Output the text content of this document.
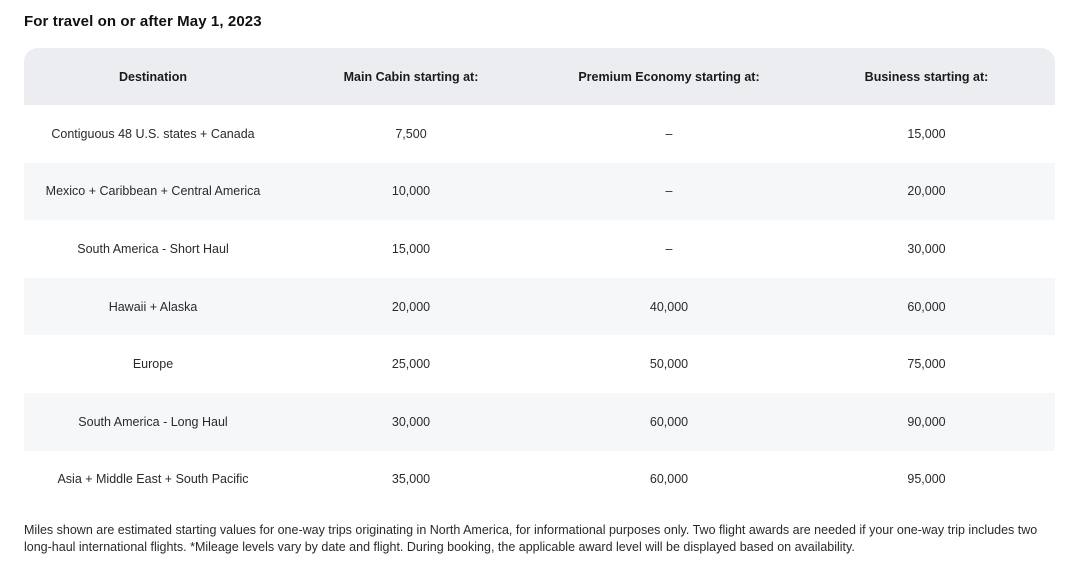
For travel on or after May 1, 2023
Destination	Main Cabin starting at:	Premium Economy starting at:	Business starting at:
Contiguous 48 U.S. states + Canada	7,500	–	15,000
Mexico + Caribbean + Central America	10,000	–	20,000
South America - Short Haul	15,000	–	30,000
Hawaii + Alaska	20,000	40,000	60,000
Europe	25,000	50,000	75,000
South America - Long Haul	30,000	60,000	90,000
Asia + Middle East + South Pacific	35,000	60,000	95,000

Miles shown are estimated starting values for one-way trips originating in North America, for informational purposes only. Two flight awards are needed if your one-way trip includes two

long-haul international flights. *Mileage levels vary by date and flight. During booking, the applicable award level will be displayed based on availability.
